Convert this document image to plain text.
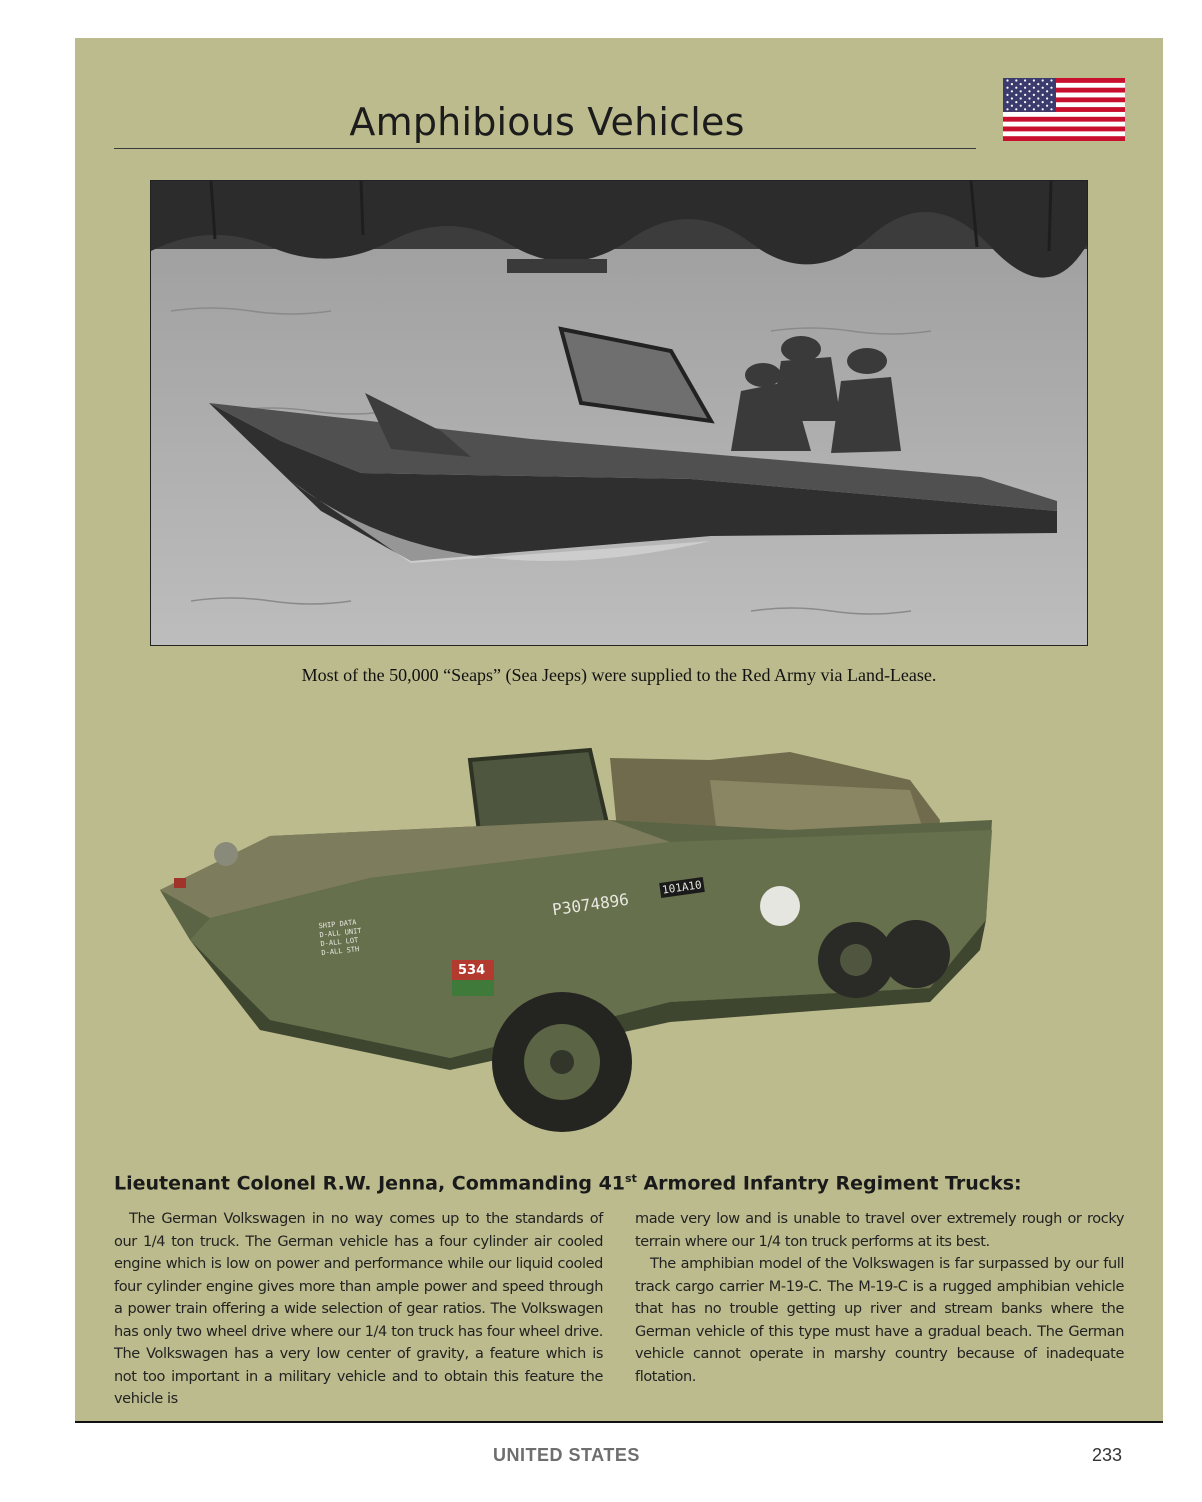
Amphibious Vehicles
Most of the 50,000 “Seaps” (Sea Jeeps) were supplied to the Red Army via Land-Lease.
P3074896
101A10
534
SHIP DATA
D-ALL UNIT
D-ALL LOT
D-ALL STH
Lieutenant Colonel R.W. Jenna, Commanding 41st Armored Infantry Regiment Trucks:

The German Volkswagen in no way comes up to the standards of our 1/4 ton truck. The German vehicle has a four cylinder air cooled engine which is low on power and performance while our liquid cooled four cylinder engine gives more than ample power and speed through a power train offering a wide selection of gear ratios. The Volkswagen has only two wheel drive where our 1/4 ton truck has four wheel drive. The Volkswagen has a very low center of gravity, a feature which is not too important in a military vehicle and to obtain this feature the vehicle is

made very low and is unable to travel over extremely rough or rocky terrain where our 1/4 ton truck performs at its best.

The amphibian model of the Volkswagen is far surpassed by our full track cargo carrier M-19-C. The M-19-C is a rugged amphibian vehicle that has no trouble getting up river and stream banks where the German vehicle of this type must have a gradual beach. The German vehicle cannot operate in marshy country because of inadequate flotation.

UNITED STATES	233
